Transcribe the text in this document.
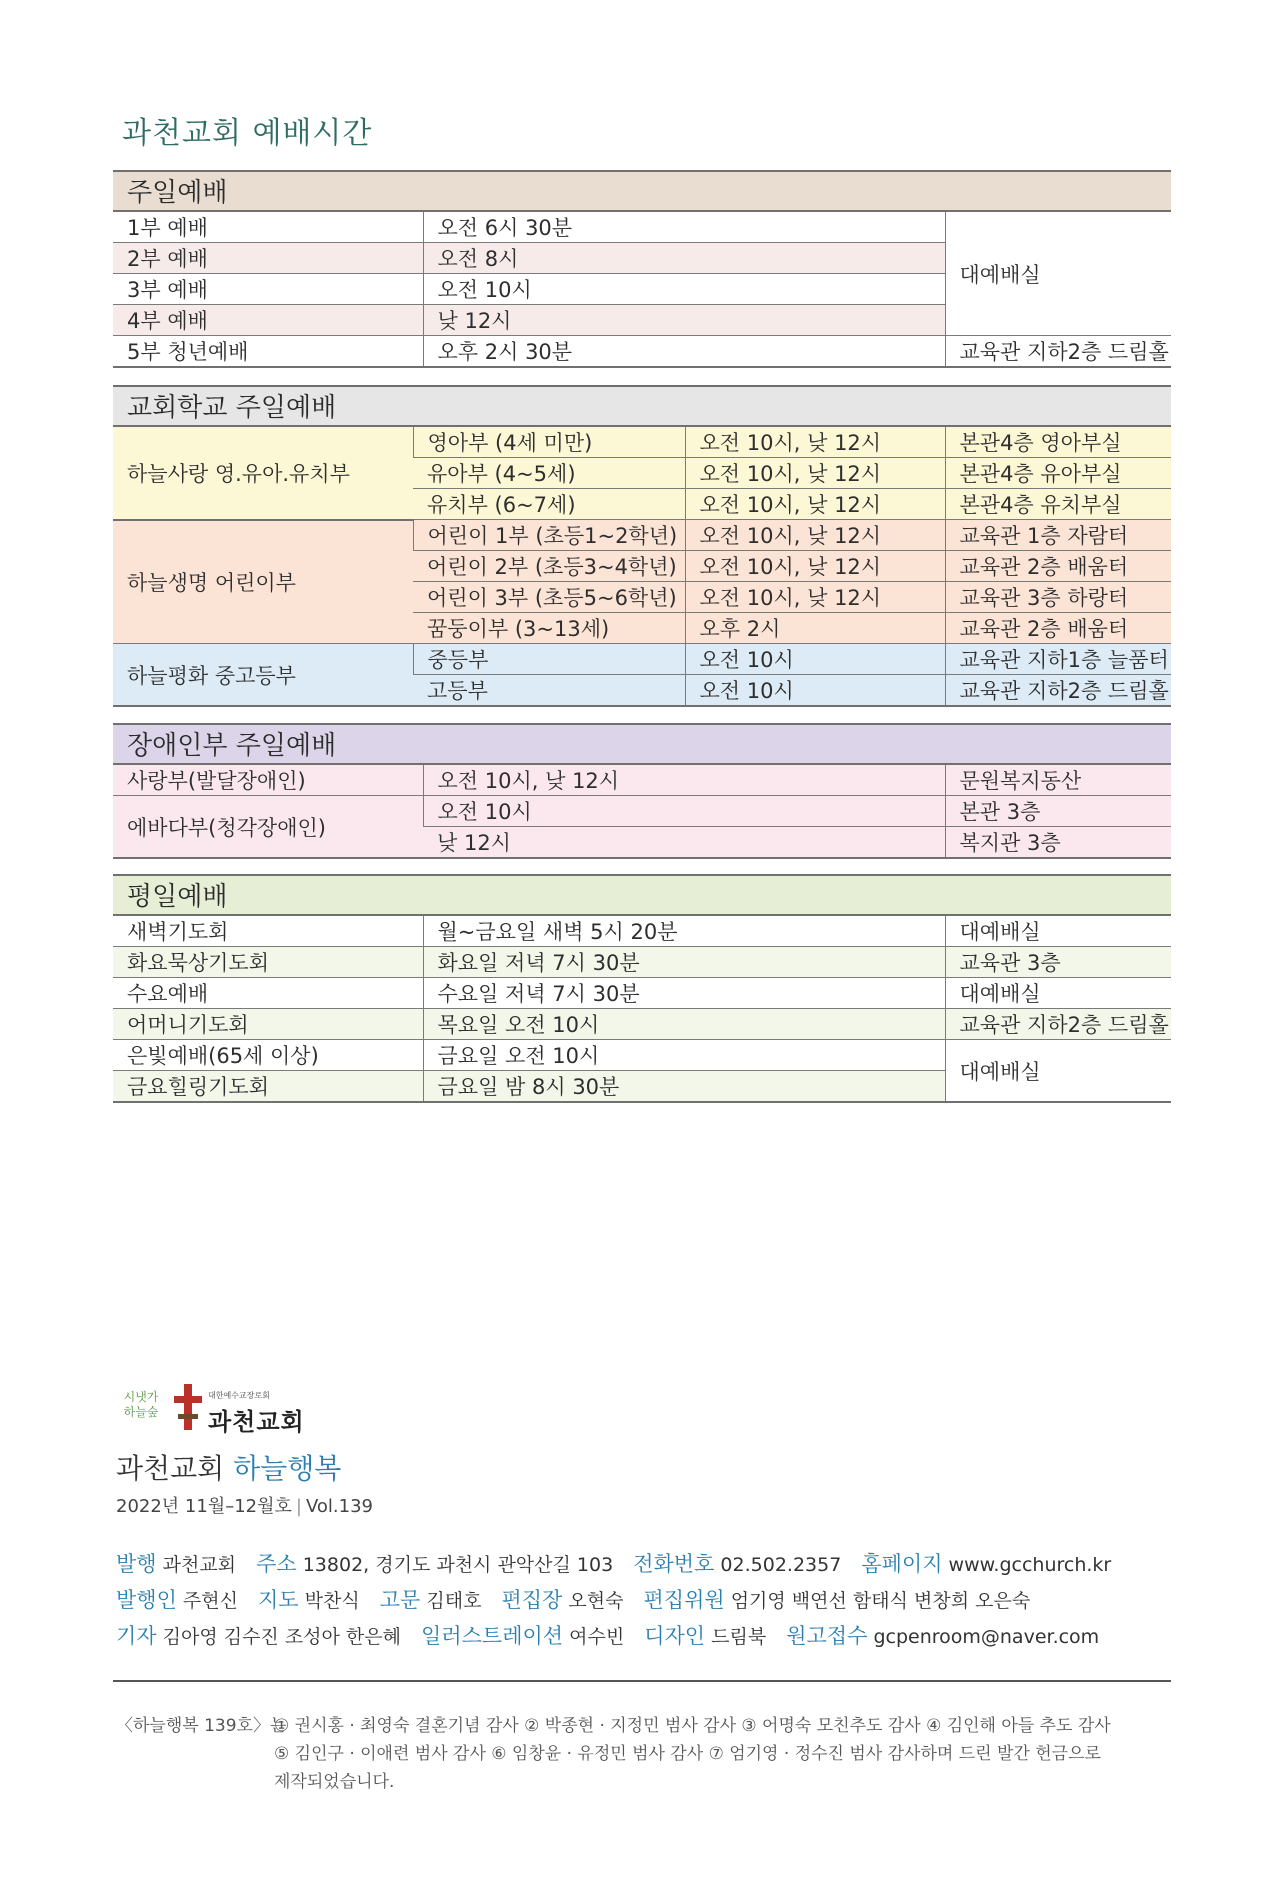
과천교회 예배시간
주일예배
1부 예배	오전 6시 30분	대예배실
2부 예배	오전 8시	
3부 예배	오전 10시	
4부 예배	낮 12시	
5부 청년예배	오후 2시 30분	교육관 지하2층 드림홀
교회학교 주일예배
하늘사랑 영.유아.유치부	영아부 (4세 미만)	오전 10시, 낮 12시	본관4층 영아부실
	유아부 (4~5세)	오전 10시, 낮 12시	본관4층 유아부실
	유치부 (6~7세)	오전 10시, 낮 12시	본관4층 유치부실
하늘생명 어린이부	어린이 1부 (초등1~2학년)	오전 10시, 낮 12시	교육관 1층 자람터
	어린이 2부 (초등3~4학년)	오전 10시, 낮 12시	교육관 2층 배움터
	어린이 3부 (초등5~6학년)	오전 10시, 낮 12시	교육관 3층 하랑터
	꿈둥이부 (3~13세)	오후 2시	교육관 2층 배움터
하늘평화 중고등부	중등부	오전 10시	교육관 지하1층 늘품터
	고등부	오전 10시	교육관 지하2층 드림홀
장애인부 주일예배
사랑부(발달장애인)	오전 10시, 낮 12시	문원복지동산
에바다부(청각장애인)	오전 10시	본관 3층
	낮 12시	복지관 3층
평일예배
새벽기도회	월~금요일 새벽 5시 20분	대예배실
화요묵상기도회	화요일 저녁 7시 30분	교육관 3층
수요예배	수요일 저녁 7시 30분	대예배실
어머니기도회	목요일 오전 10시	교육관 지하2층 드림홀
은빛예배(65세 이상)	금요일 오전 10시	대예배실
금요힐링기도회	금요일 밤 8시 30분	
시냇가 하늘숲
대한예수교장로회
과천교회
과천교회 하늘행복
2022년 11월–12월호 | Vol.139
발행 과천교회 주소 13802, 경기도 과천시 관악산길 103 전화번호 02.502.2357 홈페이지 www.gcchurch.kr
발행인 주현신 지도 박찬식 고문 김태호 편집장 오현숙 편집위원 엄기영 백연선 함태식 변창희 오은숙
기자 김아영 김수진 조성아 한은혜 일러스트레이션 여수빈 디자인 드림북 원고접수 gcpenroom@naver.com
〈하늘행복 139호〉는
① 권시홍 · 최영숙 결혼기념 감사 ② 박종현 · 지정민 범사 감사 ③ 어명숙 모친추도 감사 ④ 김인해 아들 추도 감사
⑤ 김인구 · 이애련 범사 감사 ⑥ 임창윤 · 유정민 범사 감사 ⑦ 엄기영 · 정수진 범사 감사하며 드린 발간 헌금으로
제작되었습니다.
